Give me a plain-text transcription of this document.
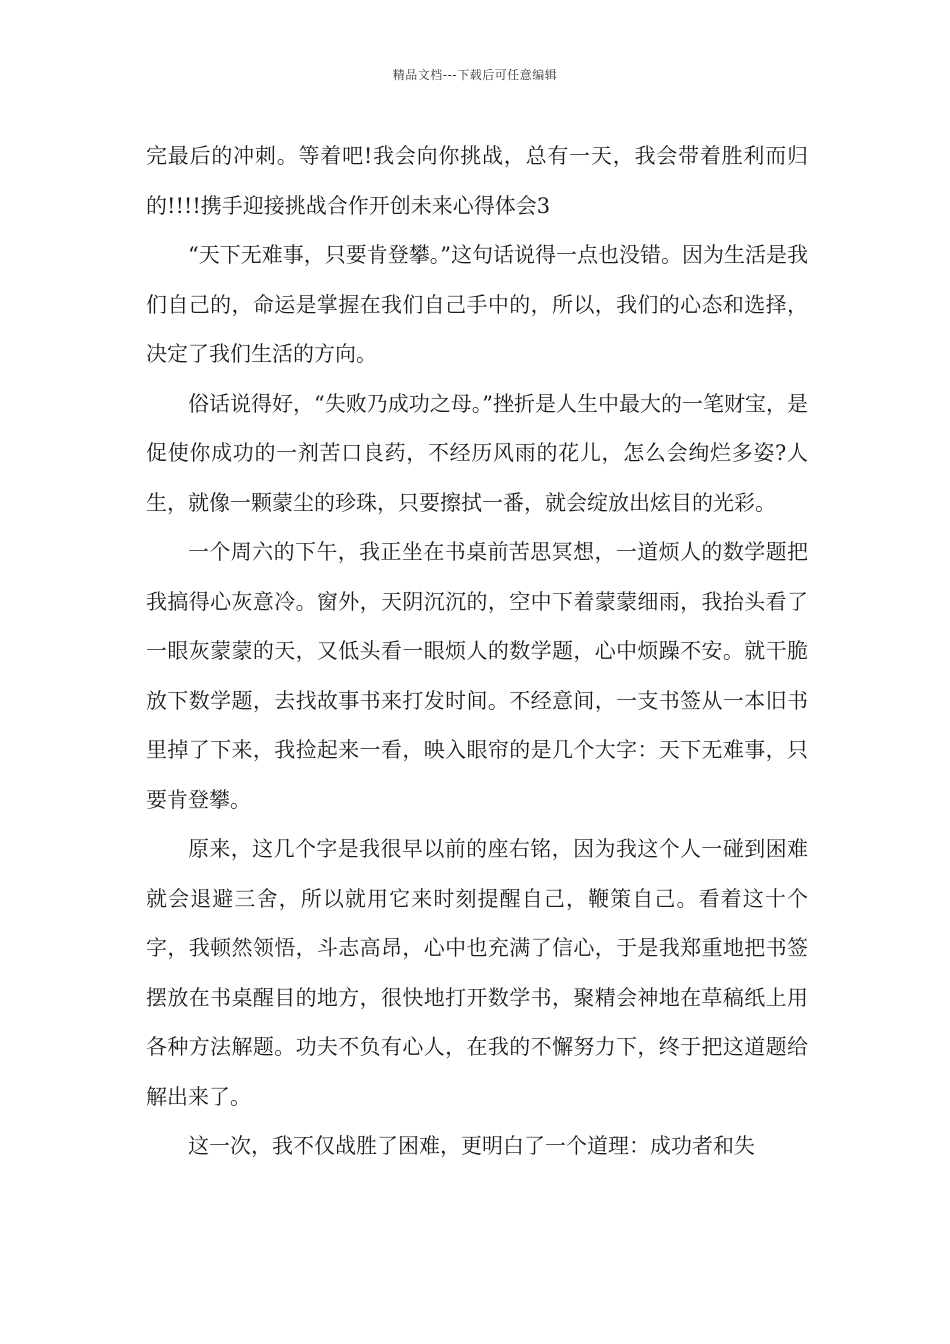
精品文档---下载后可任意编辑

完最后的冲刺。等着吧!我会向你挑战，总有一天，我会带着胜利而归的!!!!携手迎接挑战合作开创未来心得体会3

“天下无难事，只要肯登攀。”这句话说得一点也没错。因为生活是我们自己的，命运是掌握在我们自己手中的，所以，我们的心态和选择，决定了我们生活的方向。

俗话说得好，“失败乃成功之母。”挫折是人生中最大的一笔财宝，是促使你成功的一剂苦口良药，不经历风雨的花儿，怎么会绚烂多姿?人生，就像一颗蒙尘的珍珠，只要擦拭一番，就会绽放出炫目的光彩。

一个周六的下午，我正坐在书桌前苦思冥想，一道烦人的数学题把我搞得心灰意冷。窗外，天阴沉沉的，空中下着蒙蒙细雨，我抬头看了一眼灰蒙蒙的天，又低头看一眼烦人的数学题，心中烦躁不安。就干脆放下数学题，去找故事书来打发时间。不经意间，一支书签从一本旧书里掉了下来，我捡起来一看，映入眼帘的是几个大字：天下无难事，只要肯登攀。

原来，这几个字是我很早以前的座右铭，因为我这个人一碰到困难就会退避三舍，所以就用它来时刻提醒自己，鞭策自己。看着这十个字，我顿然领悟，斗志高昂，心中也充满了信心，于是我郑重地把书签摆放在书桌醒目的地方，很快地打开数学书，聚精会神地在草稿纸上用各种方法解题。功夫不负有心人，在我的不懈努力下，终于把这道题给解出来了。

这一次，我不仅战胜了困难，更明白了一个道理：成功者和失
